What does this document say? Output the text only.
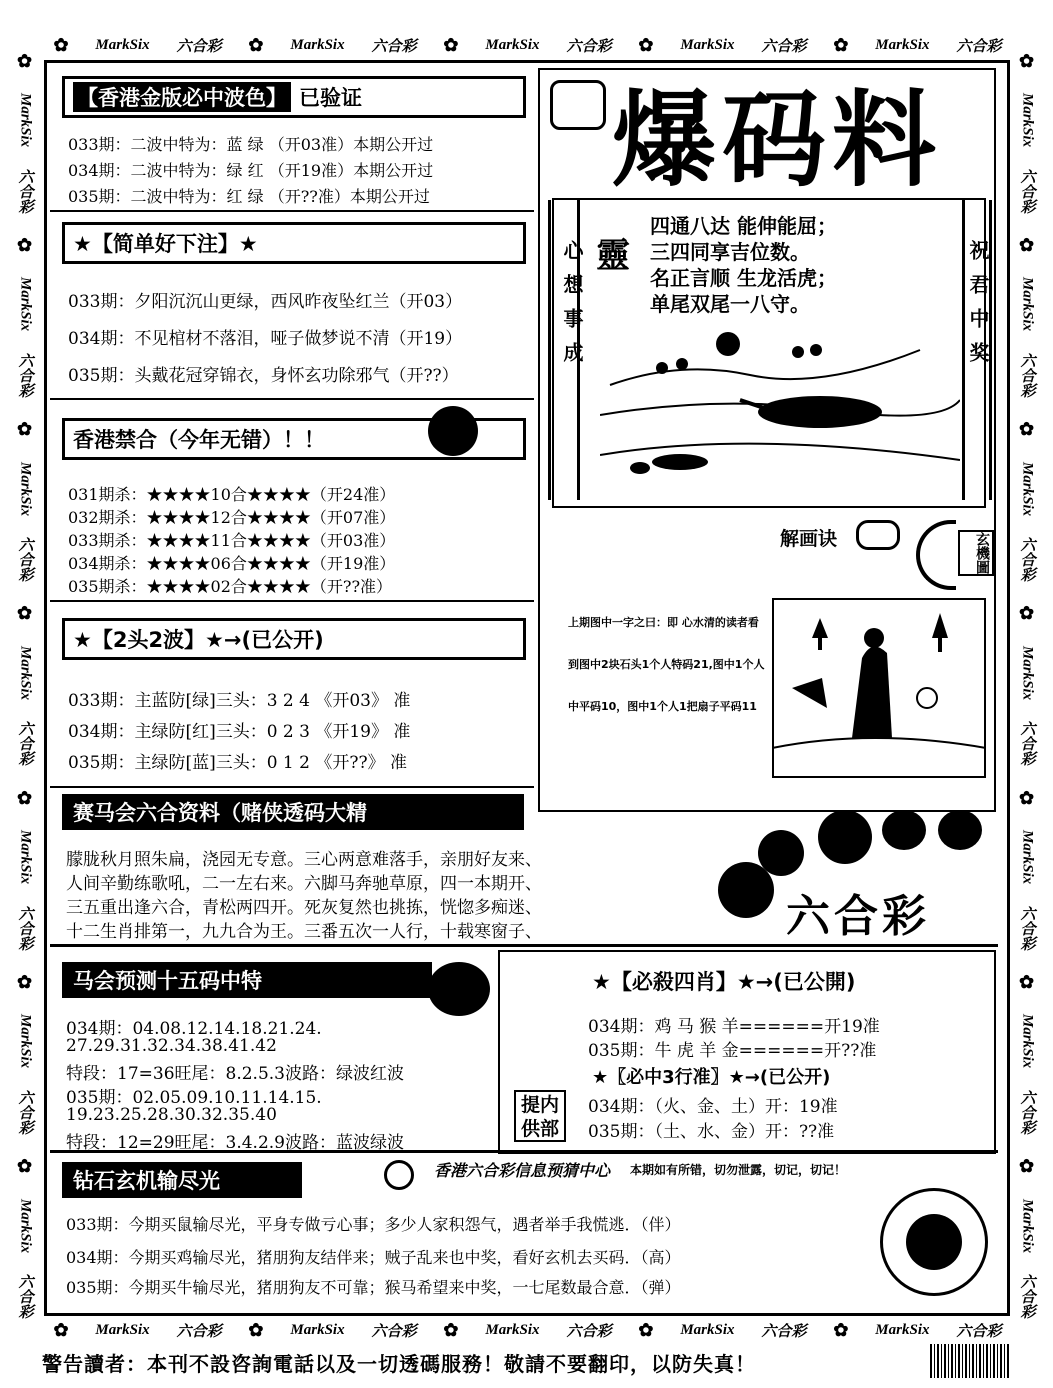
✿ MarkSix 六合彩 ✿ MarkSix 六合彩 ✿ MarkSix 六合彩 ✿ MarkSix 六合彩 ✿ MarkSix 六合彩
✿ MarkSix 六合彩 ✿ MarkSix 六合彩 ✿ MarkSix 六合彩 ✿ MarkSix 六合彩 ✿ MarkSix 六合彩
✿
MarkSix
六合彩
✿
MarkSix
六合彩
✿
MarkSix
六合彩
✿
MarkSix
六合彩
✿
MarkSix
六合彩
✿
MarkSix
六合彩
✿
MarkSix
六合彩
✿
MarkSix
六合彩
✿
MarkSix
六合彩
✿
MarkSix
六合彩
✿
MarkSix
六合彩
✿
MarkSix
六合彩
✿
MarkSix
六合彩
✿
MarkSix
六合彩
【香港金版必中波色】 已验证
033期：二波中特为：蓝 绿 （开03准）本期公开过
034期：二波中特为：绿 红 （开19准）本期公开过
035期：二波中特为：红 绿 （开??准）本期公开过
★【简单好下注】★
033期：夕阳沉沉山更绿，西风昨夜坠红兰（开03）
034期：不见棺材不落泪，哑子做梦说不清（开19）
035期：头戴花冠穿锦衣，身怀玄功除邪气（开??）
香港禁合（今年无错）！！
031期杀：★★★★10合★★★★（开24准）
032期杀：★★★★12合★★★★（开07准）
033期杀：★★★★11合★★★★（开03准）
034期杀：★★★★06合★★★★（开19准）
035期杀：★★★★02合★★★★（开??准）
★【2头2波】★→(已公开)
033期：主蓝防[绿]三头：3 2 4 《开03》 准
034期：主绿防[红]三头：0 2 3 《开19》 准
035期：主绿防[蓝]三头：0 1 2 《开??》 准
赛马会六合资料（赌侠透码大精
朦胧秋月照朱扁，浇园无专意。三心两意难落手，亲朋好友来、
人间辛勤练歌吼，二一左右来。六脚马奔驰草原，四一本期开、
三五重出逢六合，青松两四开。死灰复然也挑拣，恍惚多痴迷、
十二生肖排第一，九九合为王。三番五次一人行，十载寒窗子、	六合彩
马会预测十五码中特
034期：04.08.12.14.18.21.24.
27.29.31.32.34.38.41.42
特段：17=36旺尾：8.2.5.3波路：绿波红波
035期：02.05.09.10.11.14.15.
19.23.25.28.30.32.35.40
特段：12=29旺尾：3.4.2.9波路：蓝波绿波
★【必殺四肖】★→(已公開)
034期：鸡 马 猴 羊======开19准
035期：牛 虎 羊 金======开??准
★〖必中3行准〗★→(已公开)
034期：（火、金、土）开：19准
035期：（土、水、金）开：??准
提内供部
钻石玄机输尽光	香港六合彩信息预猜中心 本期如有所错，切勿泄露，切记，切记！
033期：今期买鼠输尽光，平身专做亏心事；多少人家积怨气，遇者举手我慌逃．（伴）
034期：今期买鸡输尽光，猪朋狗友结伴来；贼子乱来也中奖，看好玄机去买码．（高）
035期：今期买牛输尽光，猪朋狗友不可靠；猴马希望来中奖，一七尾数最合意．（弹）
爆码料
心想事成	祝君中奖
靈
四通八达 能伸能屈；
三四同享吉位数。
名正言顺 生龙活虎；
单尾双尾一八守。
解画诀	玄機圖
上期图中一字之曰：即 心水清的读者看
到图中2块石头1个人特码21,图中1个人
中平码10，图中1个人1把扇子平码11
警告讀者：本刊不設咨詢電話以及一切透碼服務！敬請不要翻印，以防失真！
